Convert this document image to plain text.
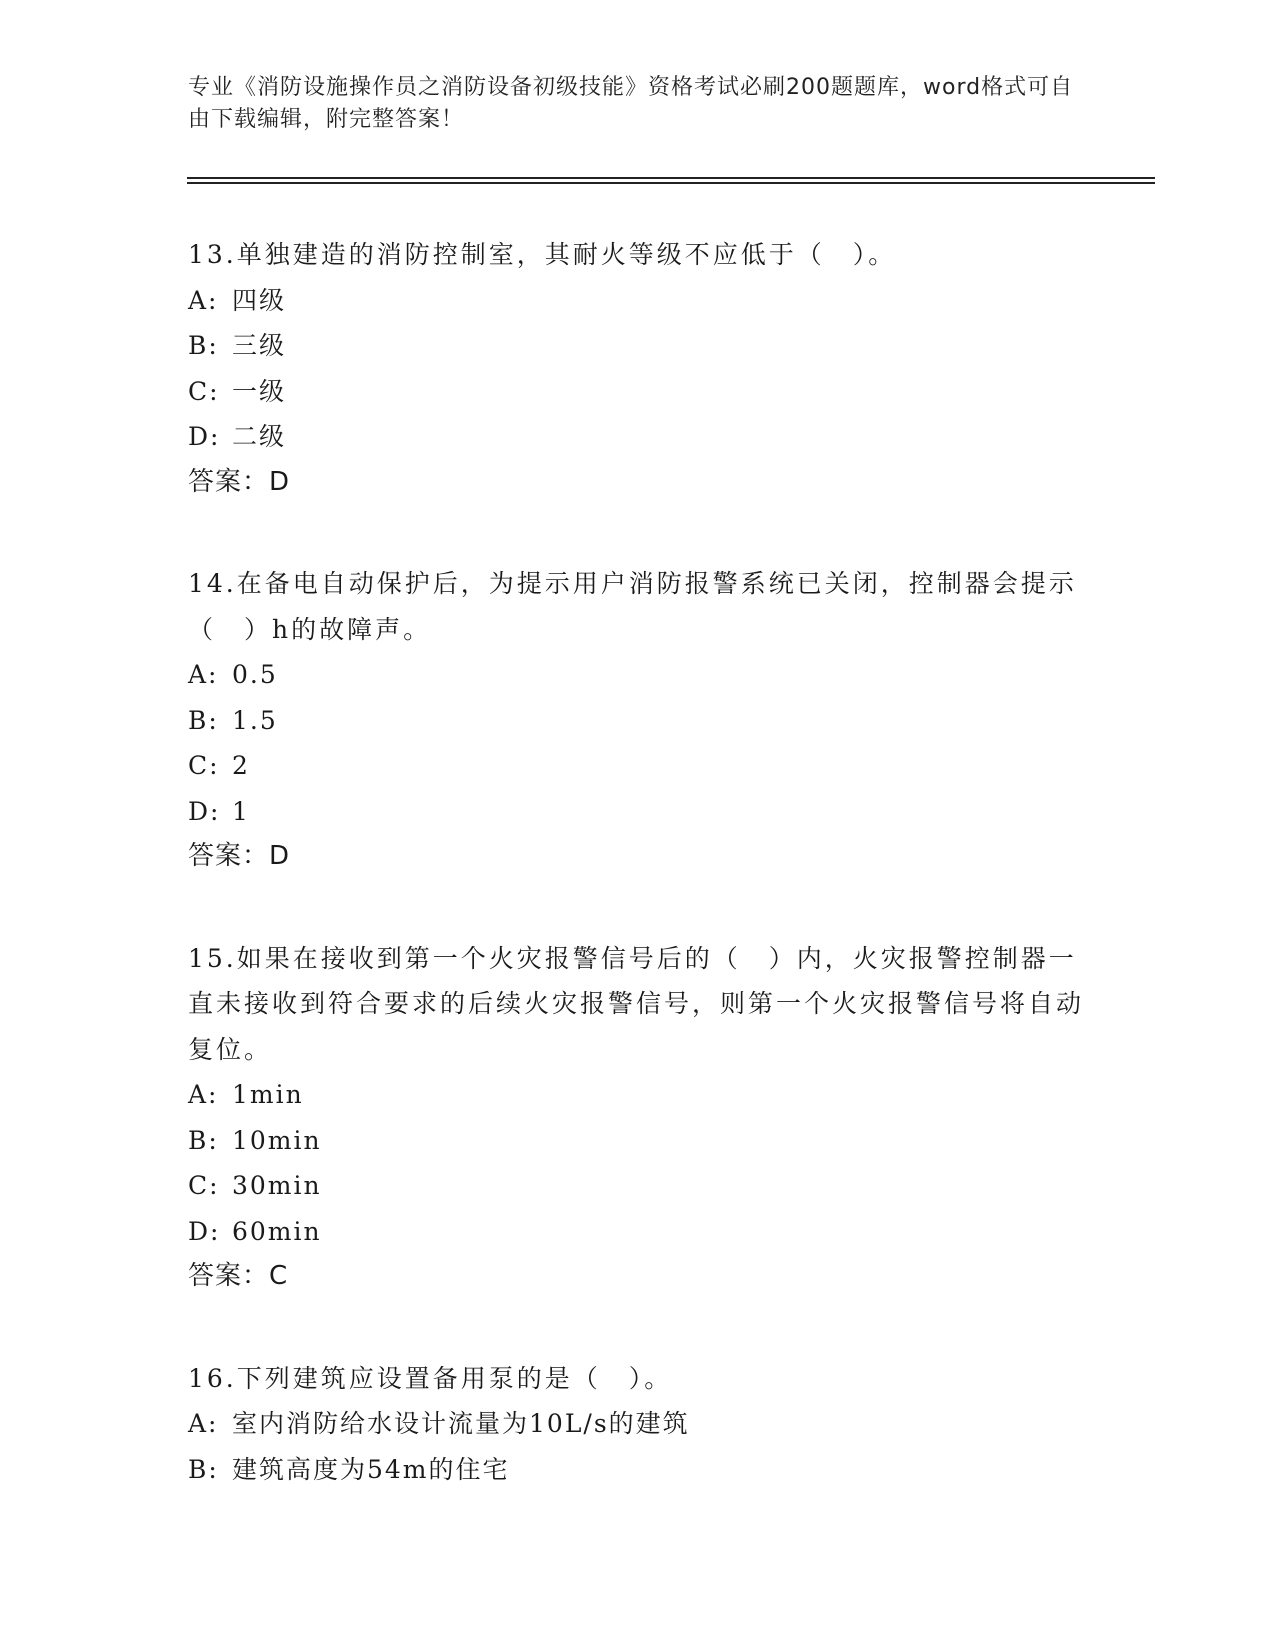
专业《消防设施操作员之消防设备初级技能》资格考试必刷200题题库，word格式可自由下载编辑，附完整答案！
13.单独建造的消防控制室，其耐火等级不应低于（　）。
A: 四级
B: 三级
C: 一级
D: 二级
答案：D
14.在备电自动保护后，为提示用户消防报警系统已关闭，控制器会提示（　）h的故障声。
A: 0.5
B: 1.5
C: 2
D: 1
答案：D
15.如果在接收到第一个火灾报警信号后的（　）内，火灾报警控制器一直未接收到符合要求的后续火灾报警信号，则第一个火灾报警信号将自动复位。
A: 1min
B: 10min
C: 30min
D: 60min
答案：C
16.下列建筑应设置备用泵的是（　）。
A: 室内消防给水设计流量为10L/s的建筑
B: 建筑高度为54m的住宅
